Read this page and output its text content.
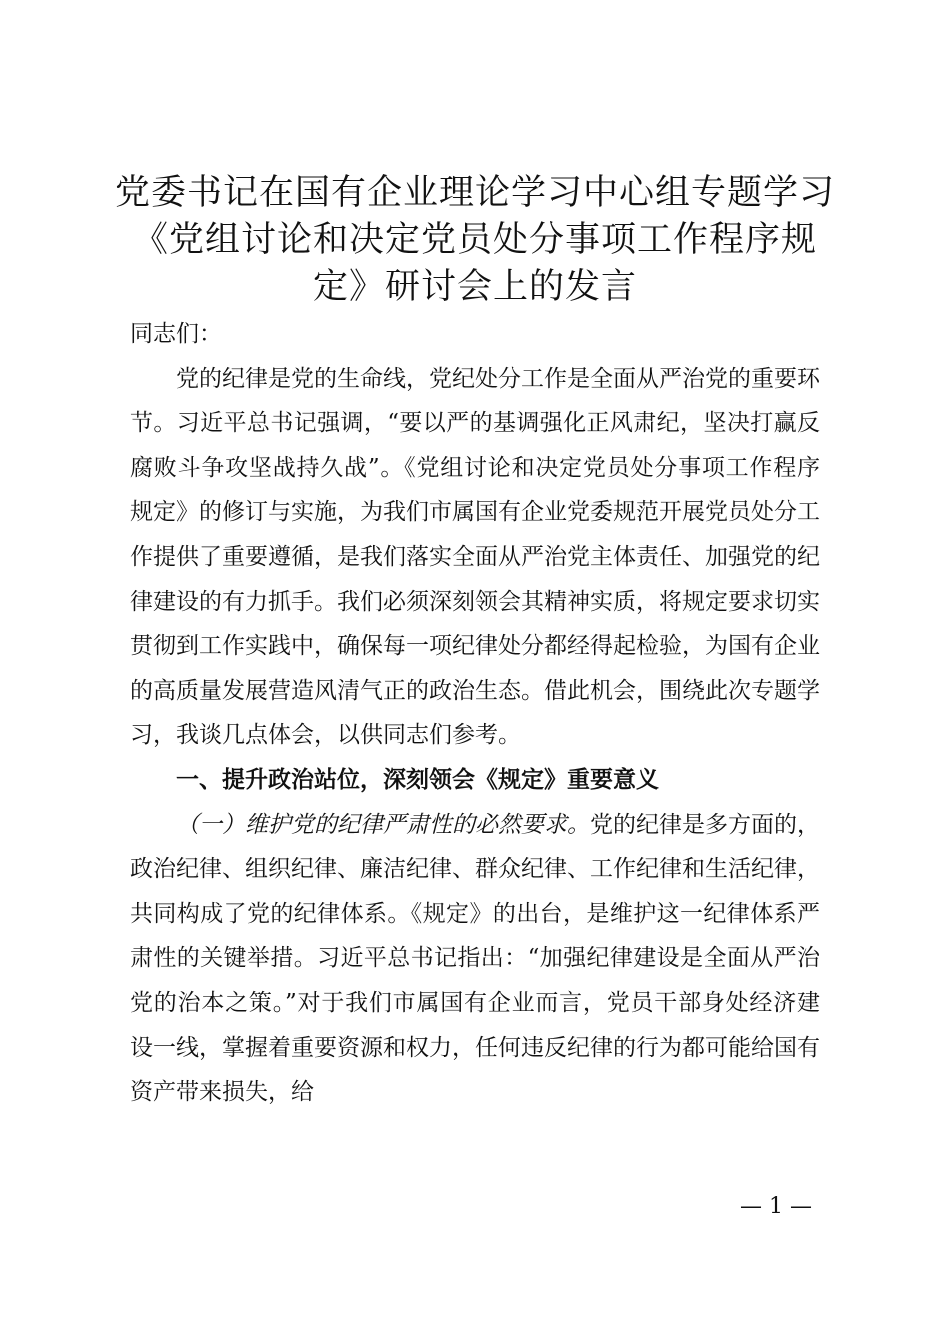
党委书记在国有企业理论学习中心组专题学习
《党组讨论和决定党员处分事项工作程序规
定》研讨会上的发言

同志们：

党的纪律是党的生命线，党纪处分工作是全面从严治党的重要环节。习近平总书记强调，“要以严的基调强化正风肃纪，坚决打赢反腐败斗争攻坚战持久战”。《党组讨论和决定党员处分事项工作程序规定》的修订与实施，为我们市属国有企业党委规范开展党员处分工作提供了重要遵循，是我们落实全面从严治党主体责任、加强党的纪律建设的有力抓手。我们必须深刻领会其精神实质，将规定要求切实贯彻到工作实践中，确保每一项纪律处分都经得起检验，为国有企业的高质量发展营造风清气正的政治生态。借此机会，围绕此次专题学习，我谈几点体会，以供同志们参考。

一、提升政治站位，深刻领会《规定》重要意义

（一）维护党的纪律严肃性的必然要求。党的纪律是多方面的，政治纪律、组织纪律、廉洁纪律、群众纪律、工作纪律和生活纪律，共同构成了党的纪律体系。《规定》的出台，是维护这一纪律体系严肃性的关键举措。习近平总书记指出：“加强纪律建设是全面从严治党的治本之策。”对于我们市属国有企业而言，党员干部身处经济建设一线，掌握着重要资源和权力，任何违反纪律的行为都可能给国有资产带来损失，给

— 1 —
